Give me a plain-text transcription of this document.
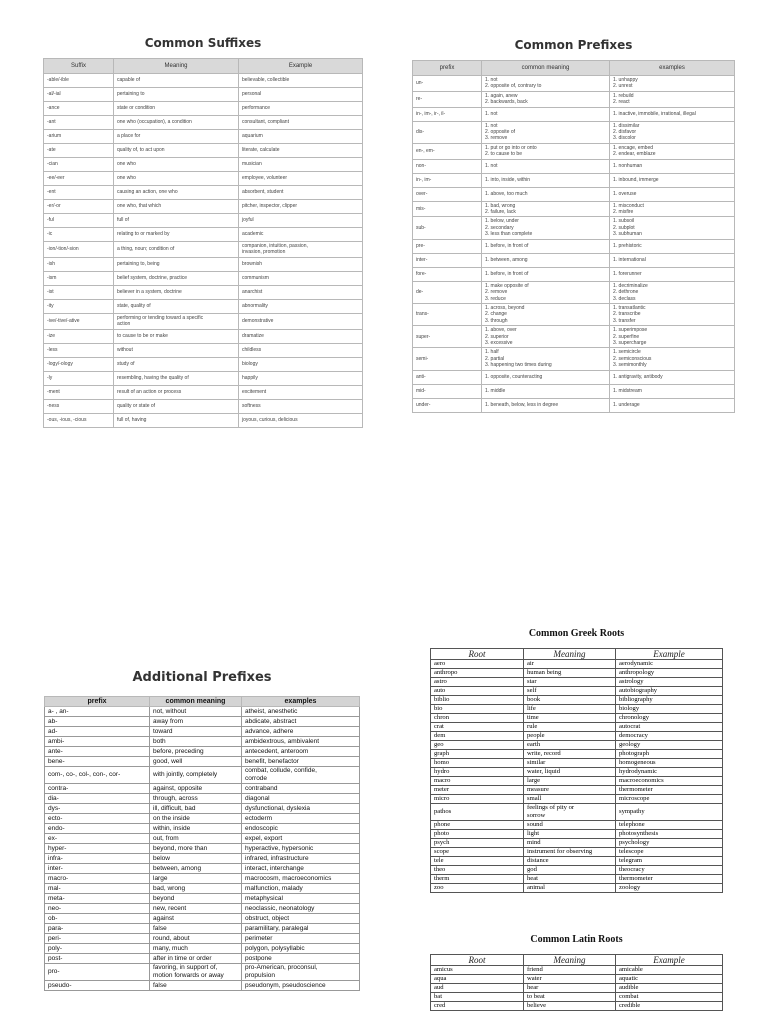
Common Suffixes
Suffix	Meaning	Example

-able/-ible	capable of	believable, collectible

-al/-ial	pertaining to	personal

-ance	state or condition	performance

-ant	one who (occupation), a condition	consultant, compliant

-arium	a place for	aquarium

-ate	quality of, to act upon	literate, calculate

-cian	one who	musician

-ee/-eer	one who	employee, volunteer

-ent	causing an action, one who	absorbent, student

-er/-or	one who, that which	pitcher, inspector, clipper

-ful	full of	joyful

-ic	relating to or marked by	academic

-ion/-tion/-sion	a thing, noun; condition of	companion, intuition, passion,
invasion, promotion

-ish	pertaining to, being	brownish

-ism	belief system, doctrine, practice	communism

-ist	believer in a system, doctrine	anarchist

-ity	state, quality of	abnormality

-ive/-tive/-ative	performing or tending toward a specific
action	demonstrative

-ize	to cause to be or make	dramatize

-less	without	childless

-logy/-ology	study of	biology

-ly	resembling, having the quality of	happily

-ment	result of an action or process	excitement

-ness	quality or state of	softness

-ous, -ious, -cious	full of, having	joyous, curious, delicious
Common Prefixes
prefix	common meaning	examples

un-	1. not
2. opposite of, contrary to	1. unhappy
2. unrest

re-	1. again, anew
2. backwards, back	1. rebuild
2. react

in-, im-, ir-, il-	1. not	1. inactive, immobile, irrational, illegal

dis-	1. not
2. opposite of
3. remove	1. dissimilar
2. disfavor
3. discolor

en-, em-	1. put or go into or onto
2. to cause to be	1. encage, embed
2. endear, emblaze

non-	1. not	1. nonhuman

in-, im-	1. into, inside, within	1. inbound, immerge

over-	1. above, too much	1. overuse

mis-	1. bad, wrong
2. failure, lack	1. misconduct
2. misfire

sub-	1. below, under
2. secondary
3. less than complete	1. subsoil
2. subplot
3. subhuman

pre-	1. before, in front of	1. prehistoric

inter-	1. between, among	1. international

fore-	1. before, in front of	1. forerunner

de-	1. make opposite of
2. remove
3. reduce	1. decriminalize
2. dethrone
3. declass

trans-	1. across, beyond
2. change
3. through	1. transatlantic
2. transcribe
3. transfer

super-	1. above, over
2. superior
3. excessive	1. superimpose
2. superfine
3. supercharge

semi-	1. half
2. partial
3. happening two times during	1. semicircle
2. semiconscious
3. semimonthly

anti-	1. opposite, counteracting	1. antigravity, antibody

mid-	1. middle	1. midstream

under-	1. beneath, below, less in degree	1. underage
Additional Prefixes
prefix	common meaning	examples

a- , an-	not, without	atheist, anesthetic

ab-	away from	abdicate, abstract

ad-	toward	advance, adhere

ambi-	both	ambidextrous, ambivalent

ante-	before, preceding	antecedent, anteroom

bene-	good, well	benefit, benefactor

com-, co-, col-, con-, cor-	with jointly, completely	combat, collude, confide,
corrode

contra-	against, opposite	contraband

dia-	through, across	diagonal

dys-	ill, difficult, bad	dysfunctional, dyslexia

ecto-	on the inside	ectoderm

endo-	within, inside	endoscopic

ex-	out, from	expel, export

hyper-	beyond, more than	hyperactive, hypersonic

infra-	below	infrared, infrastructure

inter-	between, among	interact, interchange

macro-	large	macrocosm, macroeconomics

mal-	bad, wrong	malfunction, malady

meta-	beyond	metaphysical

neo-	new, recent	neoclassic, neonatology

ob-	against	obstruct, object

para-	false	paramilitary, paralegal

peri-	round, about	perimeter

poly-	many, much	polygon, polysyllabic

post-	after in time or order	postpone

pro-	favoring, in support of,
motion forwards or away	pro-American, proconsul,
propulsion

pseudo-	false	pseudonym, pseudoscience
Common Greek Roots
Root	Meaning	Example

aero	air	aerodynamic

anthropo	human being	anthropology

astro	star	astrology

auto	self	autobiography

biblio	book	bibliography

bio	life	biology

chron	time	chronology

crat	rule	autocrat

dem	people	democracy

geo	earth	geology

graph	write, record	photograph

homo	similar	homogeneous

hydro	water, liquid	hydrodynamic

macro	large	macroeconomics

meter	measure	thermometer

micro	small	microscope

pathos	feelings of pity or
sorrow	sympathy

phone	sound	telephone

photo	light	photosynthesis

psych	mind	psychology

scope	instrument for observing	telescope

tele	distance	telegram

theo	god	theocracy

therm	heat	thermometer

zoo	animal	zoology
Common Latin Roots
Root	Meaning	Example

amicus	friend	amicable

aqua	water	aquatic

aud	hear	audible

bat	to beat	combat

cred	believe	credible
